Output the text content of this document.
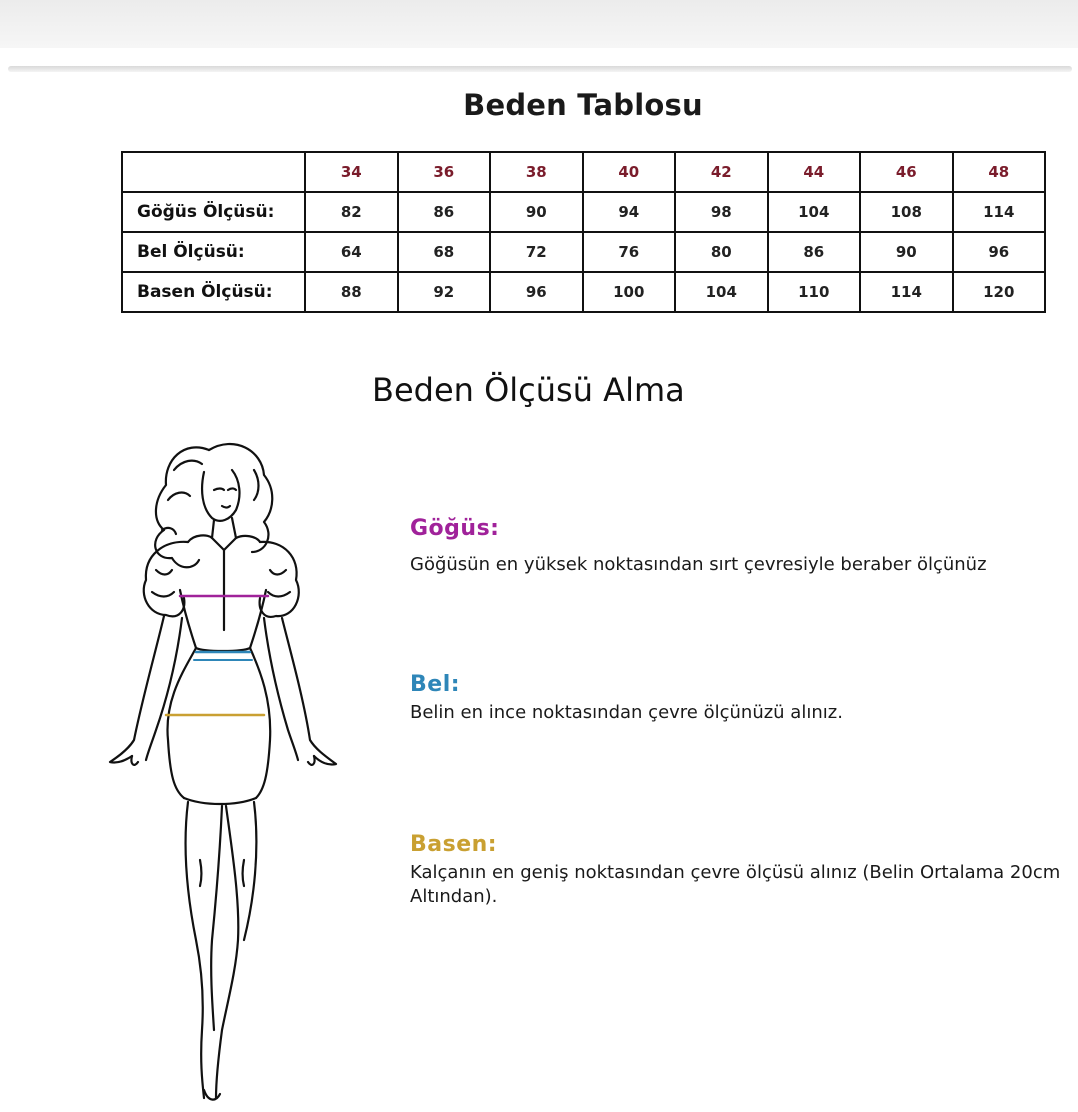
Beden Tablosu
	34	36	38	40	42	44	46	48
Göğüs Ölçüsü:	82	86	90	94	98	104	108	114
Bel Ölçüsü:	64	68	72	76	80	86	90	96
Basen Ölçüsü:	88	92	96	100	104	110	114	120
Beden Ölçüsü Alma
Göğüs:
Göğüsün en yüksek noktasından sırt çevresiyle beraber ölçünüz
Bel:
Belin en ince noktasından çevre ölçünüzü alınız.
Basen:
Kalçanın en geniş noktasından çevre ölçüsü alınız (Belin Ortalama 20cm Altından).
